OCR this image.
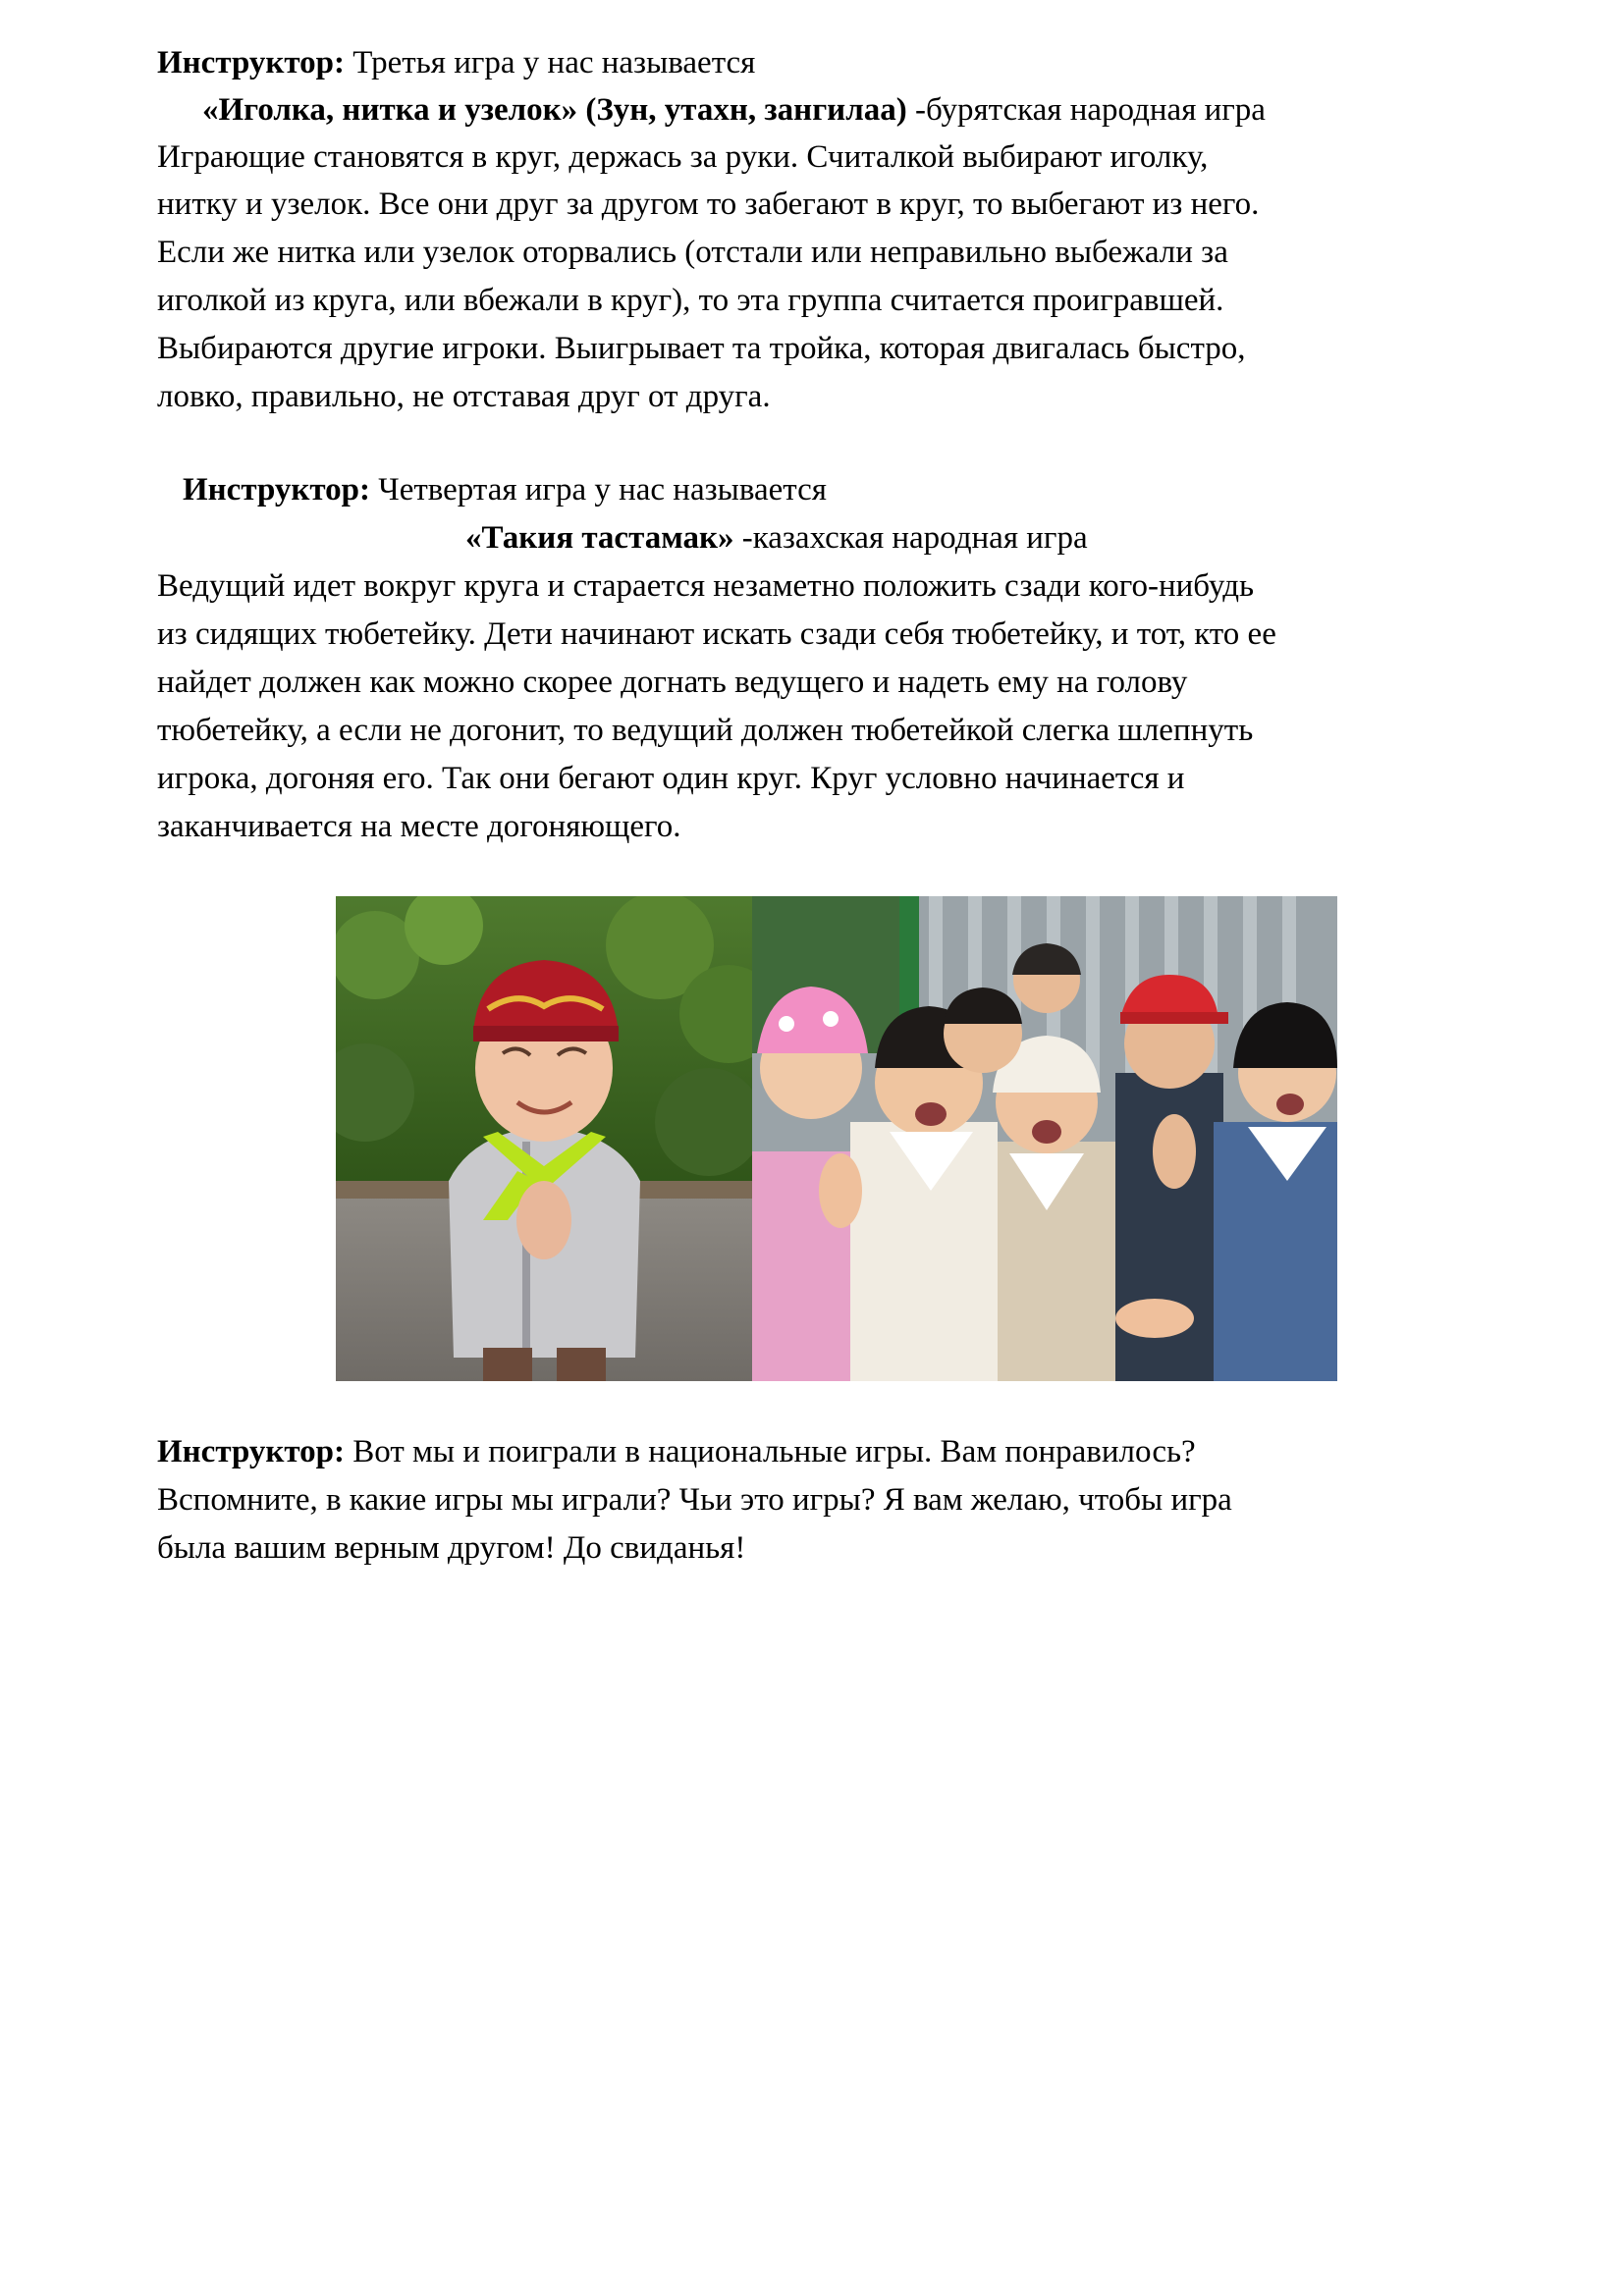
Инструктор: Третья игра у нас называется
«Иголка, нитка и узелок» (Зун, утахн, зангилаа) -бурятская народная игра
Играющие становятся в круг, держась за руки. Считалкой выбирают иголку,
нитку и узелок. Все они друг за другом то забегают в круг, то выбегают из него.
Если же нитка или узелок оторвались (отстали или неправильно выбежали за
иголкой из круга, или вбежали в круг), то эта группа считается проигравшей.
Выбираются другие игроки. Выигрывает та тройка, которая двигалась быстро,
ловко, правильно, не отставая друг от друга.
Инструктор: Четвертая игра у нас называется
«Такия тастамак» -казахская народная игра
Ведущий идет вокруг круга и старается незаметно положить сзади кого-нибудь
из сидящих тюбетейку. Дети начинают искать сзади себя тюбетейку, и тот, кто ее
найдет должен как можно скорее догнать ведущего и надеть ему на голову
тюбетейку, а если не догонит, то ведущий должен тюбетейкой слегка шлепнуть
игрока, догоняя его. Так они бегают один круг. Круг условно начинается и
заканчивается на месте догоняющего.
Инструктор: Вот мы и поиграли в национальные игры. Вам понравилось?
Вспомните, в какие игры мы играли? Чьи это игры? Я вам желаю, чтобы игра
была вашим верным другом! До свиданья!
